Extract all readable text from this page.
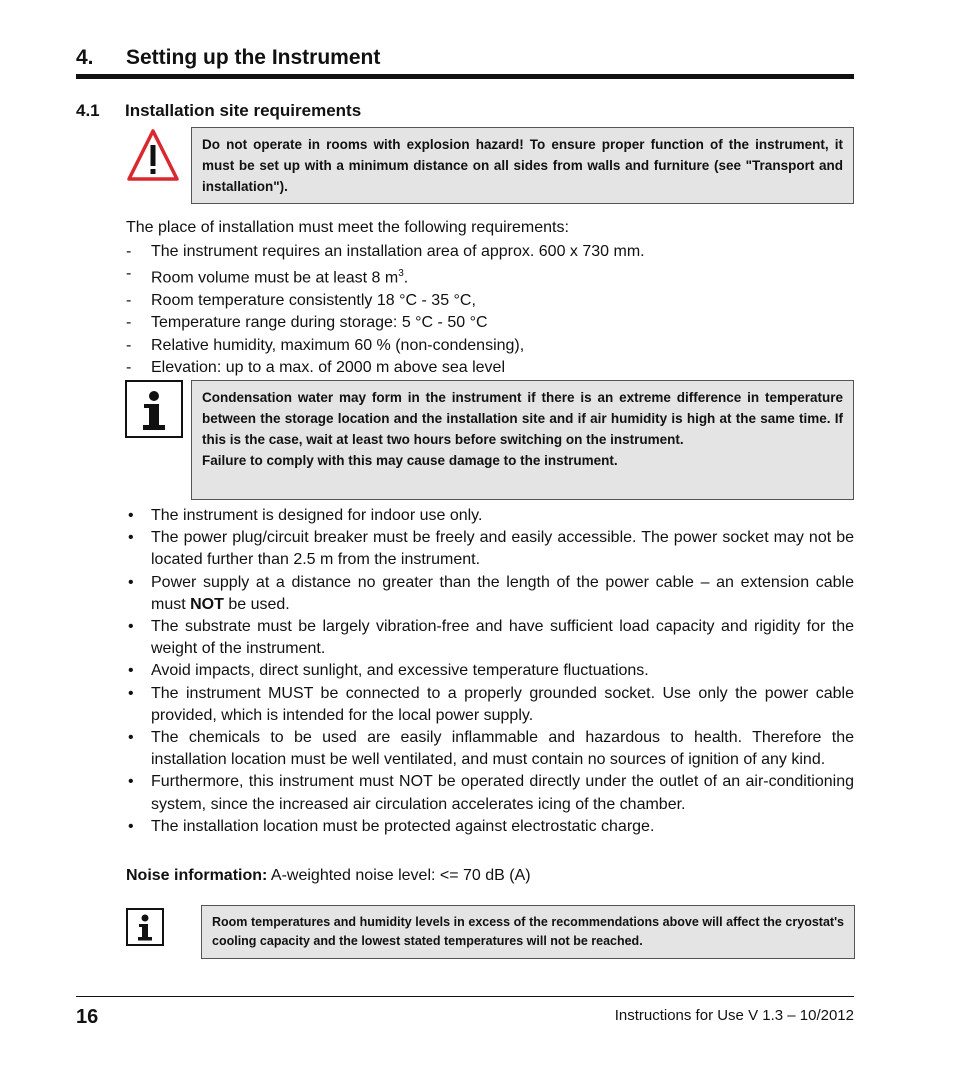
4. Setting up the Instrument
4.1 Installation site requirements
Do not operate in rooms with explosion hazard! To ensure proper function of the instrument, it must be set up with a minimum distance on all sides from walls and furniture (see "Transport and installation").
The place of installation must meet the following requirements:
- The instrument requires an installation area of approx. 600 x 730 mm.
- Room volume must be at least 8 $m^3$.
- Room temperature consistently 18 °C - 35 °C,
- Temperature range during storage: 5 °C - 50 °C
- Relative humidity, maximum 60 % (non-condensing),
- Elevation: up to a max. of 2000 m above sea level
Condensation water may form in the instrument if there is an extreme difference in temperature between the storage location and the installation site and if air humidity is high at the same time. If this is the case, wait at least two hours before switching on the instrument.
Failure to comply with this may cause damage to the instrument.
• The instrument is designed for indoor use only.
• The power plug/circuit breaker must be freely and easily accessible. The power socket may not be located further than 2.5 m from the instrument.
• Power supply at a distance no greater than the length of the power cable – an extension cable must NOT be used.
• The substrate must be largely vibration-free and have sufficient load capacity and rigidity for the weight of the instrument.
• Avoid impacts, direct sunlight, and excessive temperature fluctuations.
• The instrument MUST be connected to a properly grounded socket. Use only the power cable provided, which is intended for the local power supply.
• The chemicals to be used are easily inflammable and hazardous to health. Therefore the installation location must be well ventilated, and must contain no sources of ignition of any kind.
• Furthermore, this instrument must NOT be operated directly under the outlet of an air-conditioning system, since the increased air circulation accelerates icing of the chamber.
• The installation location must be protected against electrostatic charge.
Noise information: A-weighted noise level: <= 70 dB (A)
Room temperatures and humidity levels in excess of the recommendations above will affect the cryostat's cooling capacity and the lowest stated temperatures will not be reached.
16	Instructions for Use V 1.3 – 10/2012
